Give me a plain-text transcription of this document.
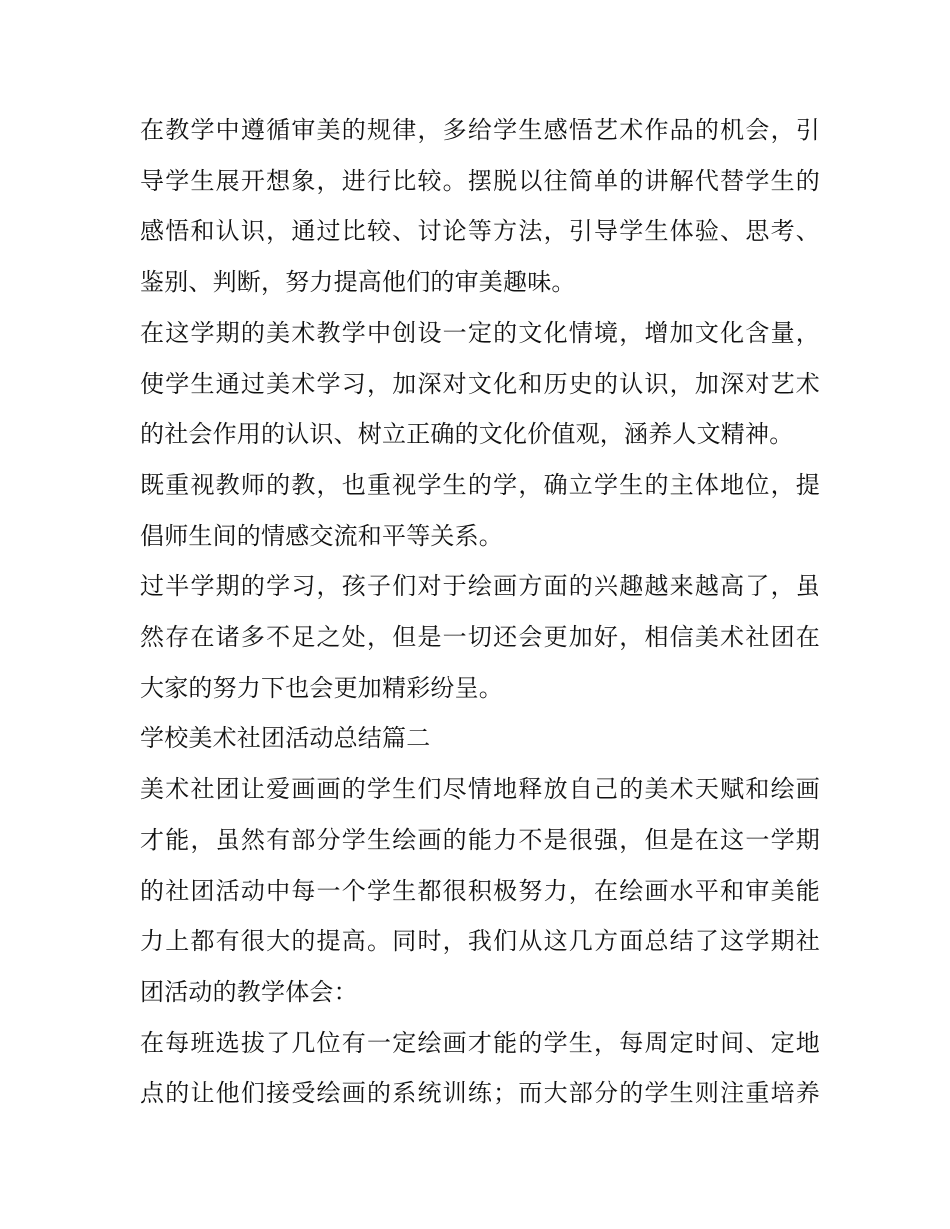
在教学中遵循审美的规律，多给学生感悟艺术作品的机会，引
导学生展开想象，进行比较。摆脱以往简单的讲解代替学生的
感悟和认识，通过比较、讨论等方法，引导学生体验、思考、
鉴别、判断，努力提高他们的审美趣味。

在这学期的美术教学中创设一定的文化情境，增加文化含量，
使学生通过美术学习，加深对文化和历史的认识，加深对艺术
的社会作用的认识、树立正确的文化价值观，涵养人文精神。

既重视教师的教，也重视学生的学，确立学生的主体地位，提
倡师生间的情感交流和平等关系。

过半学期的学习，孩子们对于绘画方面的兴趣越来越高了，虽
然存在诸多不足之处，但是一切还会更加好，相信美术社团在
大家的努力下也会更加精彩纷呈。

学校美术社团活动总结篇二

美术社团让爱画画的学生们尽情地释放自己的美术天赋和绘画
才能，虽然有部分学生绘画的能力不是很强，但是在这一学期
的社团活动中每一个学生都很积极努力，在绘画水平和审美能
力上都有很大的提高。同时，我们从这几方面总结了这学期社
团活动的教学体会：

在每班选拔了几位有一定绘画才能的学生，每周定时间、定地
点的让他们接受绘画的系统训练；而大部分的学生则注重培养
